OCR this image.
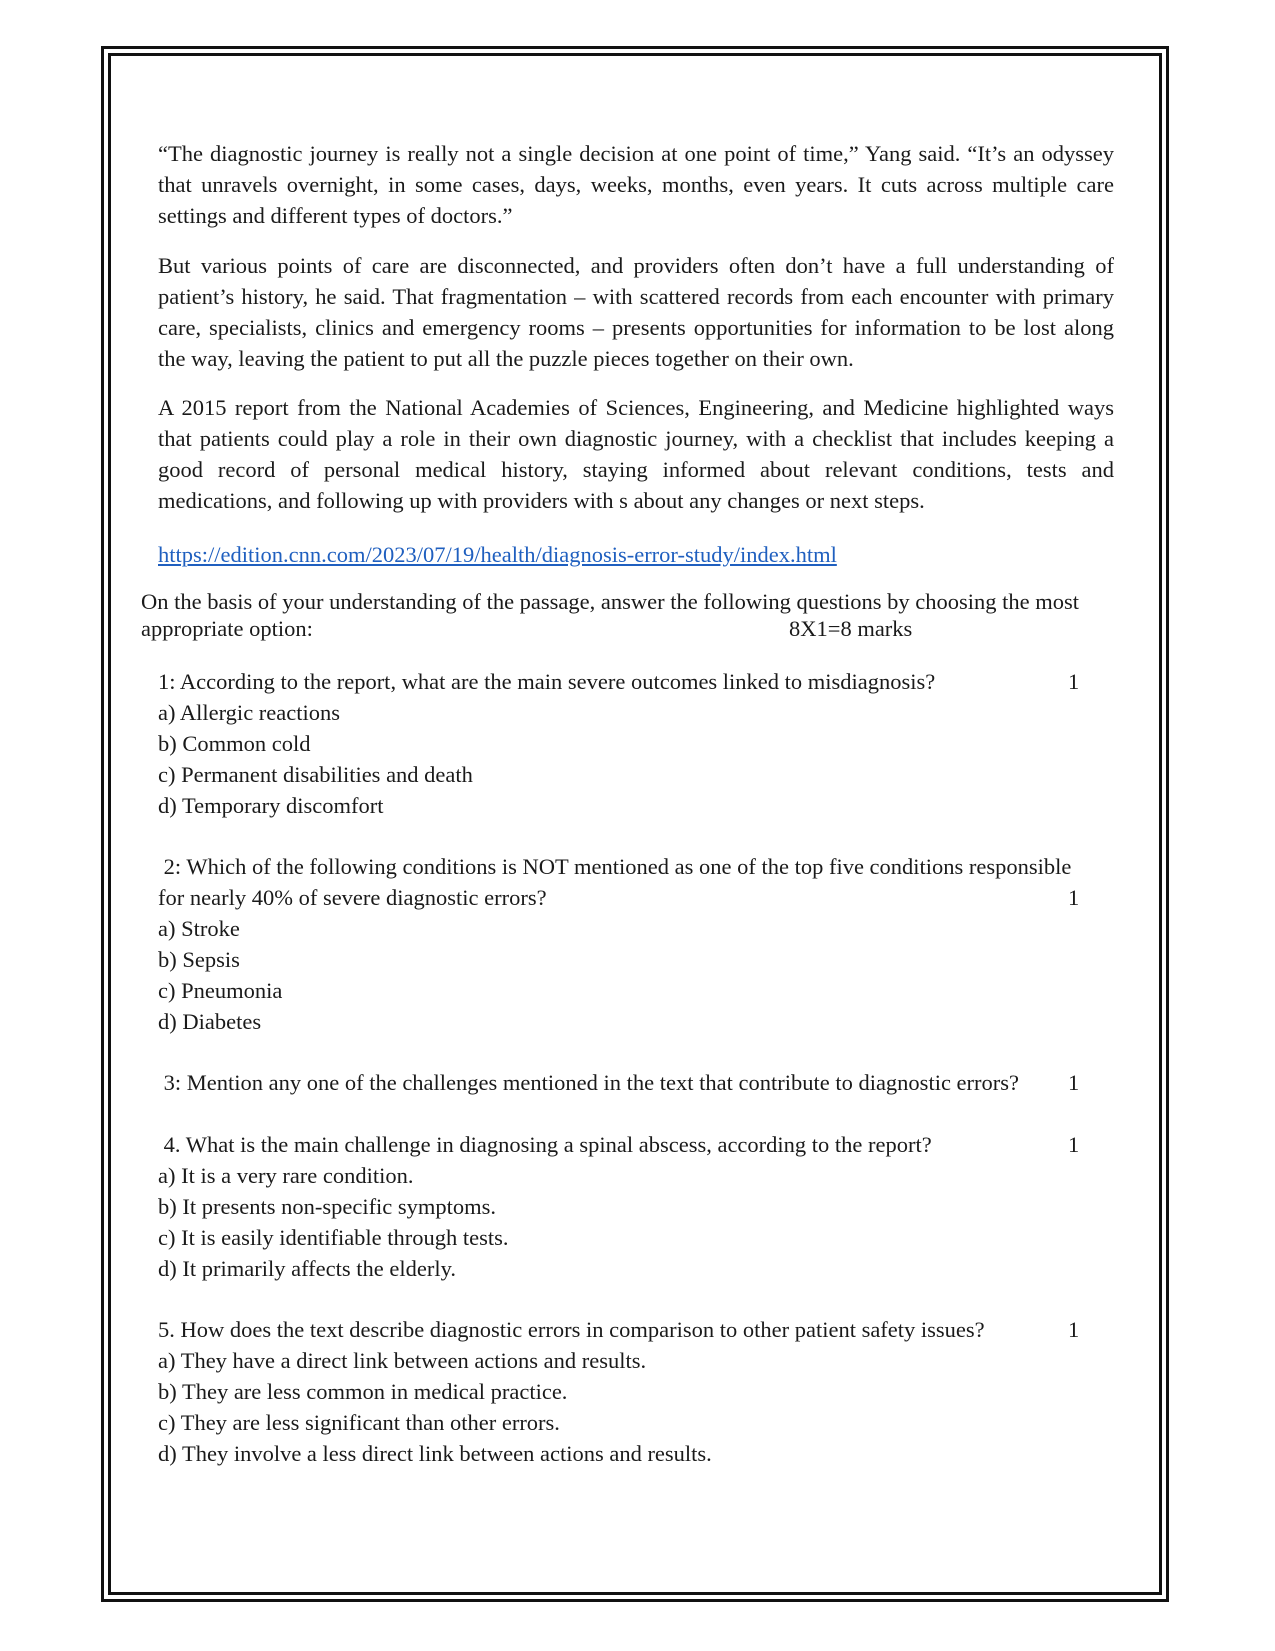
“The diagnostic journey is really not a single decision at one point of time,” Yang said. “It’s an odyssey that unravels overnight, in some cases, days, weeks, months, even years. It cuts across multiple care settings and different types of doctors.”

But various points of care are disconnected, and providers often don’t have a full understanding of patient’s history, he said. That fragmentation – with scattered records from each encounter with primary care, specialists, clinics and emergency rooms – presents opportunities for information to be lost along the way, leaving the patient to put all the puzzle pieces together on their own.

A 2015 report from the National Academies of Sciences, Engineering, and Medicine highlighted ways that patients could play a role in their own diagnostic journey, with a checklist that includes keeping a good record of personal medical history, staying informed about relevant conditions, tests and medications, and following up with providers with s about any changes or next steps.

https://edition.cnn.com/2023/07/19/health/diagnosis-error-study/index.html

On the basis of your understanding of the passage, answer the following questions by choosing the most appropriate option:	8X1=8 marks
1: According to the report, what are the main severe outcomes linked to misdiagnosis?	1
a) Allergic reactions
b) Common cold
c) Permanent disabilities and death
d) Temporary discomfort
2: Which of the following conditions is NOT mentioned as one of the top five conditions responsible
for nearly 40% of severe diagnostic errors?	1
a) Stroke
b) Sepsis
c) Pneumonia
d) Diabetes
3: Mention any one of the challenges mentioned in the text that contribute to diagnostic errors? 1
4. What is the main challenge in diagnosing a spinal abscess, according to the report?	1
a) It is a very rare condition.
b) It presents non-specific symptoms.
c) It is easily identifiable through tests.
d) It primarily affects the elderly.
5. How does the text describe diagnostic errors in comparison to other patient safety issues?	1
a) They have a direct link between actions and results.
b) They are less common in medical practice.
c) They are less significant than other errors.
d) They involve a less direct link between actions and results.
